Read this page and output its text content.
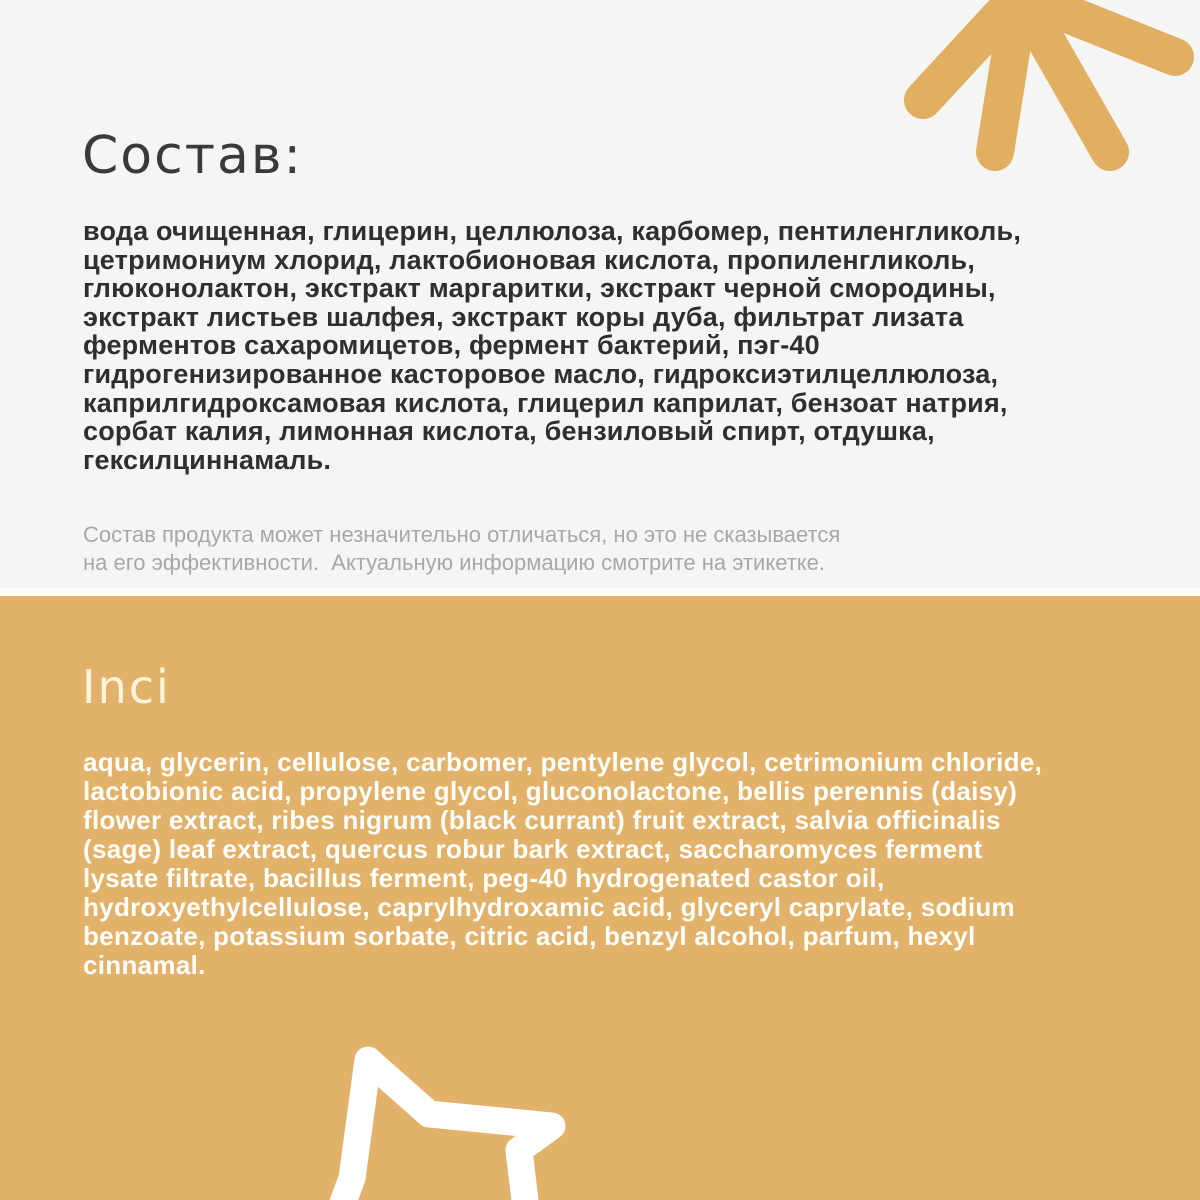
Состав:
вода очищенная, глицерин, целлюлоза, карбомер, пентиленгликоль,
цетримониум хлорид, лактобионовая кислота, пропиленгликоль,
глюконолактон, экстракт маргаритки, экстракт черной смородины,
экстракт листьев шалфея, экстракт коры дуба, фильтрат лизата
ферментов сахаромицетов, фермент бактерий, пэг-40
гидрогенизированное касторовое масло, гидроксиэтилцеллюлоза,
каприлгидроксамовая кислота, глицерил каприлат, бензоат натрия,
сорбат калия, лимонная кислота, бензиловый спирт, отдушка,
гексилциннамаль.
Состав продукта может незначительно отличаться, но это не сказывается
на его эффективности.  Актуальную информацию смотрите на этикетке.
Inci
aqua, glycerin, cellulose, carbomer, pentylene glycol, cetrimonium chloride,
lactobionic acid, propylene glycol, gluconolactone, bellis perennis (daisy)
flower extract, ribes nigrum (black currant) fruit extract, salvia officinalis
(sage) leaf extract, quercus robur bark extract, saccharomyces ferment
lysate filtrate, bacillus ferment, peg-40 hydrogenated castor oil,
hydroxyethylcellulose, caprylhydroxamic acid, glyceryl caprylate, sodium
benzoate, potassium sorbate, citric acid, benzyl alcohol, parfum, hexyl
cinnamal.
